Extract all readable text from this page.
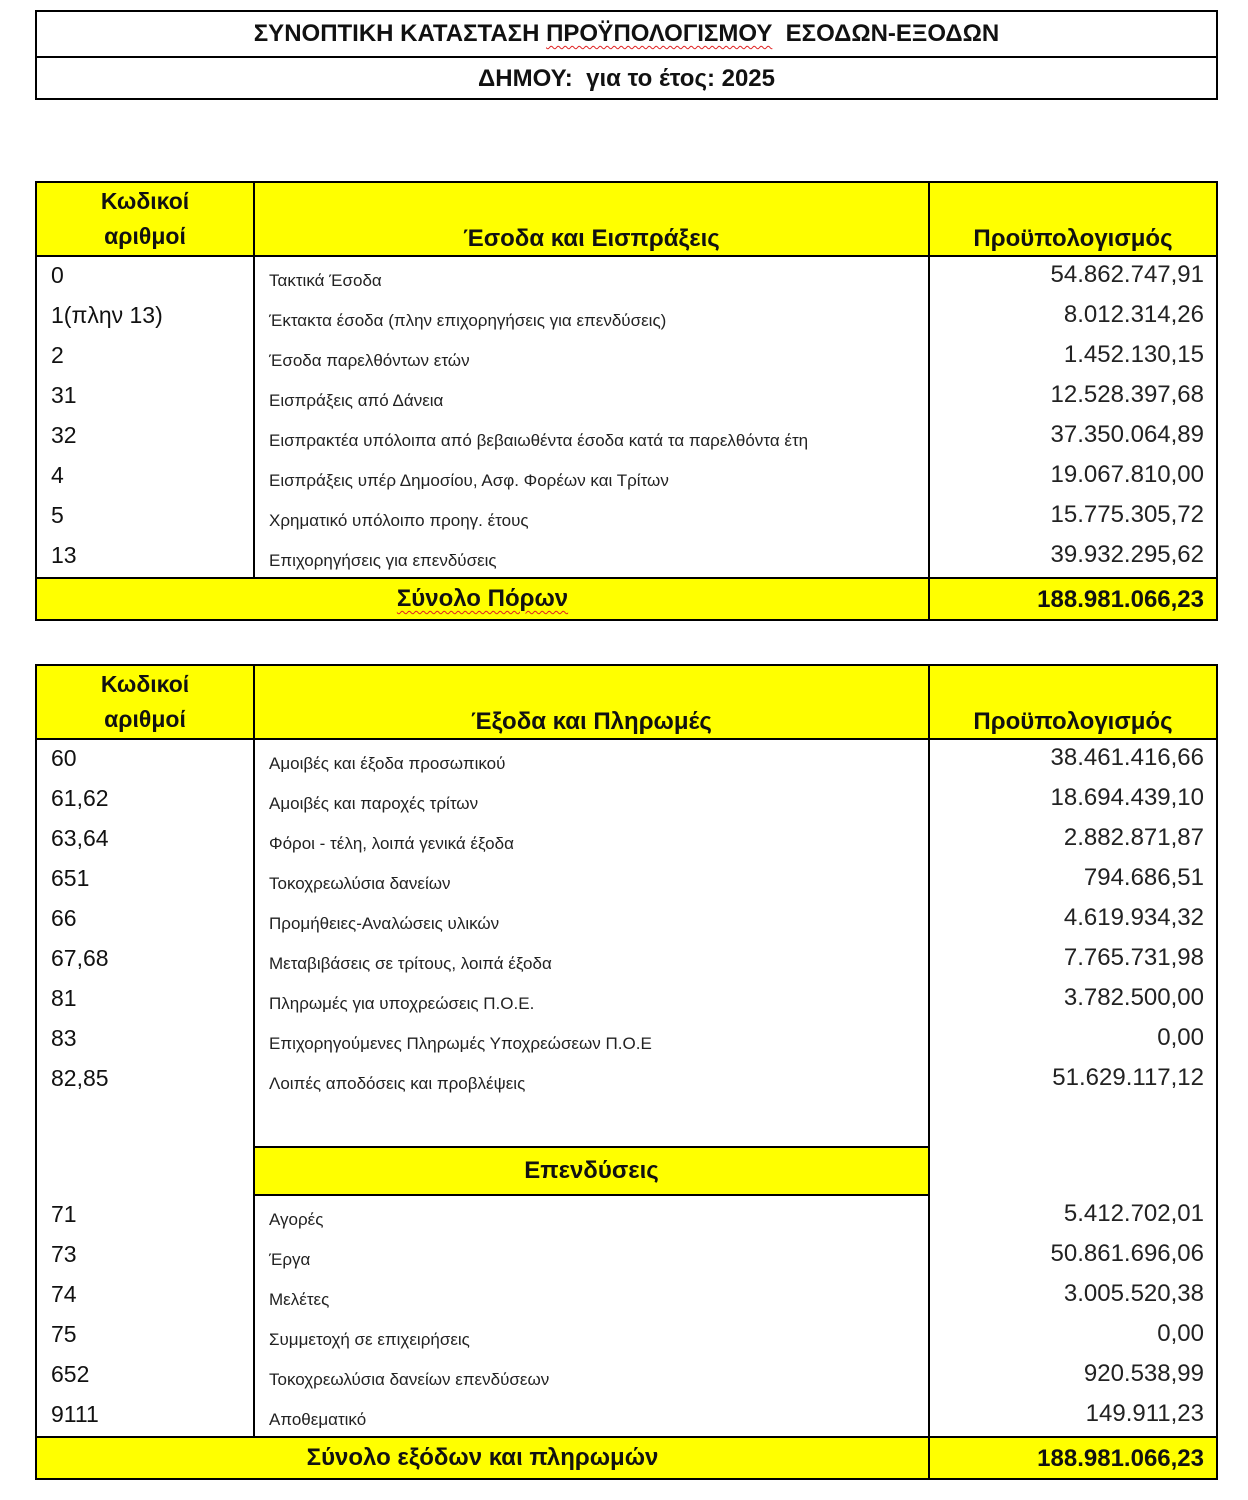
ΣΥΝΟΠΤΙΚΗ ΚΑΤΑΣΤΑΣΗ ΠΡΟΫΠΟΛΟΓΙΣΜΟΥ ΕΣΟΔΩΝ-ΕΞΟΔΩΝ
ΔΗΜΟΥ:  για το έτος: 2025
Κωδικοί
αριθμοί	Έσοδα και Εισπράξεις	Προϋπολογισμός
0	Τακτικά Έσοδα	54.862.747,91
1(πλην 13)	Έκτακτα έσοδα (πλην επιχορηγήσεις για επενδύσεις)	8.012.314,26
2	Έσοδα παρελθόντων ετών	1.452.130,15
31	Εισπράξεις από Δάνεια	12.528.397,68
32	Εισπρακτέα υπόλοιπα από βεβαιωθέντα έσοδα κατά τα παρελθόντα έτη	37.350.064,89
4	Εισπράξεις υπέρ Δημοσίου, Ασφ. Φορέων και Τρίτων	19.067.810,00
5	Χρηματικό υπόλοιπο προηγ. έτους	15.775.305,72
13	Επιχορηγήσεις για επενδύσεις	39.932.295,62
Σύνολο Πόρων	188.981.066,23
Κωδικοί
αριθμοί	Έξοδα και Πληρωμές	Προϋπολογισμός
60	Αμοιβές και έξοδα προσωπικού	38.461.416,66
61,62	Αμοιβές και παροχές τρίτων	18.694.439,10
63,64	Φόροι - τέλη, λοιπά γενικά έξοδα	2.882.871,87
651	Τοκοχρεωλύσια δανείων	794.686,51
66	Προμήθειες-Αναλώσεις υλικών	4.619.934,32
67,68	Μεταβιβάσεις σε τρίτους, λοιπά έξοδα	7.765.731,98
81	Πληρωμές για υποχρεώσεις Π.Ο.Ε.	3.782.500,00
83	Επιχορηγούμενες Πληρωμές Υποχρεώσεων Π.Ο.Ε	0,00
82,85	Λοιπές αποδόσεις και προβλέψεις	51.629.117,12
Επενδύσεις
71	Αγορές	5.412.702,01
73	Έργα	50.861.696,06
74	Μελέτες	3.005.520,38
75	Συμμετοχή σε επιχειρήσεις	0,00
652	Τοκοχρεωλύσια δανείων επενδύσεων	920.538,99
9111	Αποθεματικό	149.911,23
Σύνολο εξόδων και πληρωμών	188.981.066,23
